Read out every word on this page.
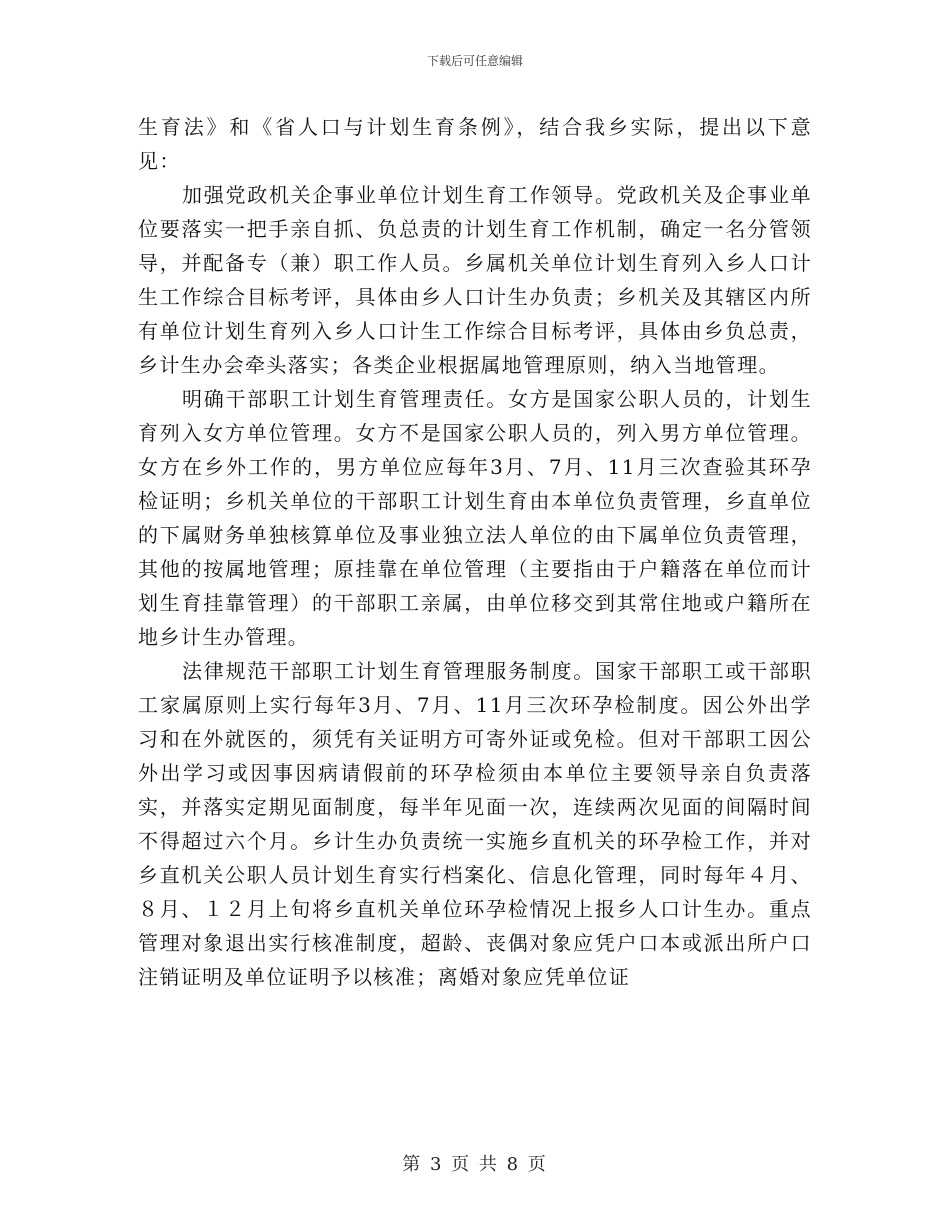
下载后可任意编辑

生育法》和《省人口与计划生育条例》，结合我乡实际，提出以下意见：

加强党政机关企事业单位计划生育工作领导。党政机关及企事业单位要落实一把手亲自抓、负总责的计划生育工作机制，确定一名分管领导，并配备专（兼）职工作人员。乡属机关单位计划生育列入乡人口计生工作综合目标考评，具体由乡人口计生办负责；乡机关及其辖区内所有单位计划生育列入乡人口计生工作综合目标考评，具体由乡负总责，乡计生办会牵头落实；各类企业根据属地管理原则，纳入当地管理。

明确干部职工计划生育管理责任。女方是国家公职人员的，计划生育列入女方单位管理。女方不是国家公职人员的，列入男方单位管理。女方在乡外工作的，男方单位应每年3月、7月、11月三次查验其环孕检证明；乡机关单位的干部职工计划生育由本单位负责管理，乡直单位的下属财务单独核算单位及事业独立法人单位的由下属单位负责管理，其他的按属地管理；原挂靠在单位管理（主要指由于户籍落在单位而计划生育挂靠管理）的干部职工亲属，由单位移交到其常住地或户籍所在地乡计生办管理。

法律规范干部职工计划生育管理服务制度。国家干部职工或干部职工家属原则上实行每年3月、7月、11月三次环孕检制度。因公外出学习和在外就医的，须凭有关证明方可寄外证或免检。但对干部职工因公外出学习或因事因病请假前的环孕检须由本单位主要领导亲自负责落实，并落实定期见面制度，每半年见面一次，连续两次见面的间隔时间不得超过六个月。乡计生办负责统一实施乡直机关的环孕检工作，并对乡直机关公职人员计划生育实行档案化、信息化管理，同时每年４月、８月、１２月上旬将乡直机关单位环孕检情况上报乡人口计生办。重点管理对象退出实行核准制度，超龄、丧偶对象应凭户口本或派出所户口注销证明及单位证明予以核准；离婚对象应凭单位证

第 3 页 共 8 页
